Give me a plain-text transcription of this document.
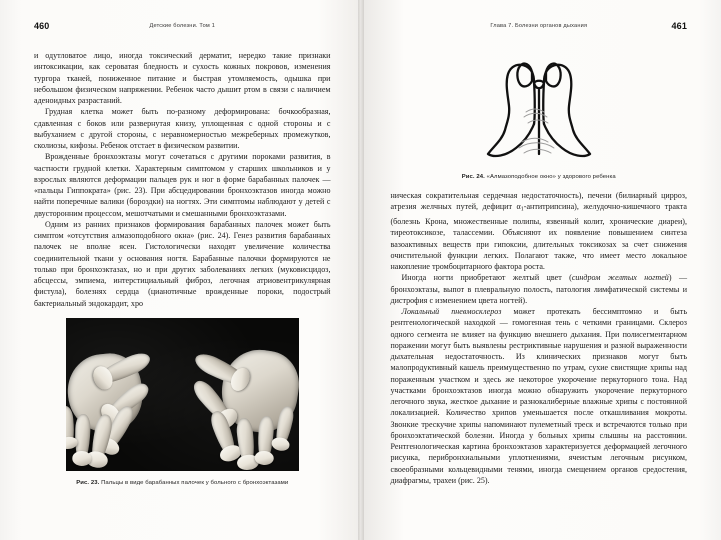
460	Детские болезни. Том 1

и одутловатое лицо, иногда токсический дерматит, нередко такие признаки интоксикации, как сероватая бледность и сухость кожных покровов, изменения тургора тканей, пониженное питание и быстрая утомляемость, одышка при небольшом физическом напряжении. Ребенок часто дышит ртом в связи с наличием аденоидных разрастаний.

Грудная клетка может быть по-разному деформирована: бочкообразная, сдавленная с боков или развернутая книзу, уплощенная с одной стороны и с выбуханием с другой стороны, с неравномерностью межреберных промежутков, сколиозы, кифозы. Ребенок отстает в физическом развитии.

Врожденные бронхоэктазы могут сочетаться с другими пороками развития, в частности грудной клетки. Характерным симптомом у старших школьников и у взрослых являются деформации пальцев рук и ног в форме барабанных палочек — «пальцы Гиппократа» (рис. 23). При абсцедировании бронхоэктазов иногда можно найти поперечные валики (бороздки) на ногтях. Эти симптомы наблюдают у детей с двусторонним процессом, мешотчатыми и смешанными бронхоэктазами.

Одним из ранних признаков формирования барабанных палочек может быть симптом «отсутствия алмазоподобного окна» (рис. 24). Генез развития барабанных палочек не вполне ясен. Гистологически находят увеличение количества соединительной ткани у основания ногтя. Барабанные палочки формируются не только при бронхоэктазах, но и при других заболеваниях легких (муковисцидоз, абсцессы, эмпиема, интерстициальный фиброз, легочная атриовентрикулярная фистула), болезнях сердца (цианотичные врожденные пороки, подострый бактериальный эндокардит, хро

Рис. 23. Пальцы в виде барабанных палочек у больного с бронхоэктазами
461
Глава 7. Болезни органов дыхания
Рис. 24. «Алмазоподобное окно» у здорового ребенка

ническая сократительная сердечная недостаточность), печени (билиарный цирроз, атрезия желчных путей, дефицит $\alpha_1-антитрипсина$), желудочно-кишечного тракта (болезнь Крона, множественные полипы, язвенный колит, хронические диареи), тиреотоксикозе, талассемии. Объясняют их появление повышением синтеза вазоактивных веществ при гипоксии, длительных токсикозах за счет снижения очистительной функции легких. Полагают также, что имеет место локальное накопление тромбоцитарного фактора роста.

Иногда ногти приобретают желтый цвет (синдром желтых ногтей) — бронхоэктазы, выпот в плевральную полость, патология лимфатической системы и дистрофия с изменением цвета ногтей).

Локальный пневмосклероз может протекать бессимптомно и быть рентгенологической находкой — гомогенная тень с четкими границами. Склероз одного сегмента не влияет на функцию внешнего дыхания. При полисегментарном поражении могут быть выявлены рестриктивные нарушения и разной выраженности дыхательная недостаточность. Из клинических признаков могут быть малопродуктивный кашель преимущественно по утрам, сухие свистящие хрипы над пораженным участком и здесь же некоторое укорочение перкуторного тона. Над участками бронхоэктазов иногда можно обнаружить укорочение перкуторного легочного звука, жесткое дыхание и разнокалиберные влажные хрипы с постоянной локализацией. Количество хрипов уменьшается после откашливания мокроты. Звонкие трескучие хрипы напоминают пулеметный треск и встречаются только при бронхоэктатической болезни. Иногда у больных хрипы слышны на расстоянии. Рентгенологическая картина бронхоэктазов характеризуется деформацией легочного рисунка, перибронхиальными уплотнениями, ячеистым легочным рисунком, своеобразными кольцевидными тенями, иногда смещением органов средостения, диафрагмы, трахеи (рис. 25).
